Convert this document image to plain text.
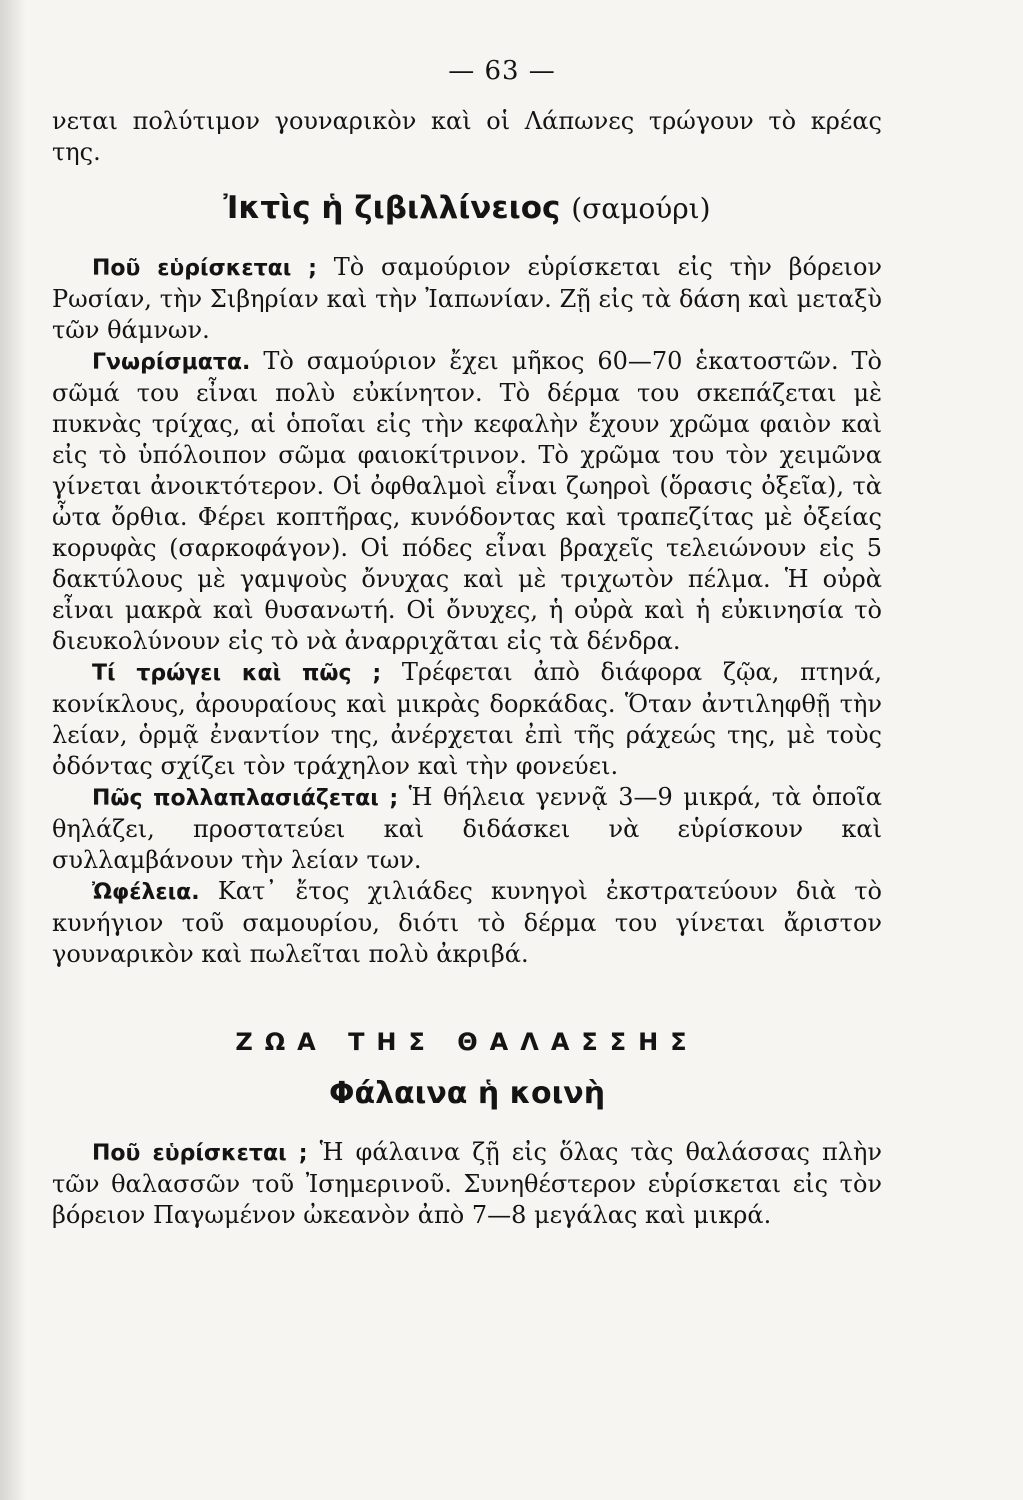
— 63 —

νεται πολύτιμον γουναρικὸν καὶ οἱ Λάπωνες τρώγουν τὸ κρέας της.

Ἰκτὶς ἡ ζιβιλλίνειος (σαμούρι)

Ποῦ εὑρίσκεται ; Τὸ σαμούριον εὑρίσκεται εἰς τὴν βόρειον Ρωσίαν, τὴν Σιβηρίαν καὶ τὴν Ἰαπωνίαν. Ζῇ εἰς τὰ δάση καὶ μεταξὺ τῶν θάμνων.

Γνωρίσματα. Τὸ σαμούριον ἔχει μῆκος 60—70 ἑκατοστῶν. Τὸ σῶμά του εἶναι πολὺ εὐκίνητον. Τὸ δέρμα του σκεπάζεται μὲ πυκνὰς τρίχας, αἱ ὁποῖαι εἰς τὴν κεφαλὴν ἔχουν χρῶμα φαιὸν καὶ εἰς τὸ ὑπόλοιπον σῶμα φαιοκίτρινον. Τὸ χρῶμα του τὸν χειμῶνα γίνεται ἀνοικτότερον. Οἱ ὀφθαλμοὶ εἶναι ζωηροὶ (ὅρασις ὀξεῖα), τὰ ὦτα ὄρθια. Φέρει κοπτῆρας, κυνόδοντας καὶ τραπεζίτας μὲ ὀξείας κορυφὰς (σαρκοφάγον). Οἱ πόδες εἶναι βραχεῖς τελειώνουν εἰς 5 δακτύλους μὲ γαμψοὺς ὄνυχας καὶ μὲ τριχωτὸν πέλμα. Ἡ οὐρὰ εἶναι μακρὰ καὶ θυσανωτή. Οἱ ὄνυχες, ἡ οὐρὰ καὶ ἡ εὐκινησία τὸ διευκολύνουν εἰς τὸ νὰ ἀναρριχᾶται εἰς τὰ δένδρα.

Τί τρώγει καὶ πῶς ; Τρέφεται ἀπὸ διάφορα ζῷα, πτηνά, κονίκλους, ἀρουραίους καὶ μικρὰς δορκάδας. Ὅταν ἀντιληφθῇ τὴν λείαν, ὁρμᾷ ἐναντίον της, ἀνέρχεται ἐπὶ τῆς ράχεώς της, μὲ τοὺς ὀδόντας σχίζει τὸν τράχηλον καὶ τὴν φονεύει.

Πῶς πολλαπλασιάζεται ; Ἡ θήλεια γεννᾷ 3—9 μικρά, τὰ ὁποῖα θηλάζει, προστατεύει καὶ διδάσκει νὰ εὑρίσκουν καὶ συλλαμβάνουν τὴν λείαν των.

Ὠφέλεια. Κατ᾽ ἔτος χιλιάδες κυνηγοὶ ἐκστρατεύουν διὰ τὸ κυνήγιον τοῦ σαμουρίου, διότι τὸ δέρμα του γίνεται ἄριστον γουναρικὸν καὶ πωλεῖται πολὺ ἀκριβά.

ΖΩΑ ΤΗΣ ΘΑΛΑΣΣΗΣ
Φάλαινα ἡ κοινὴ

Ποῦ εὑρίσκεται ; Ἡ φάλαινα ζῇ εἰς ὅλας τὰς θαλάσσας πλὴν τῶν θαλασσῶν τοῦ Ἰσημερινοῦ. Συνηθέστερον εὑρίσκεται εἰς τὸν βόρειον Παγωμένον ὠκεανὸν ἀπὸ 7—8 μεγάλας καὶ μικρά.
